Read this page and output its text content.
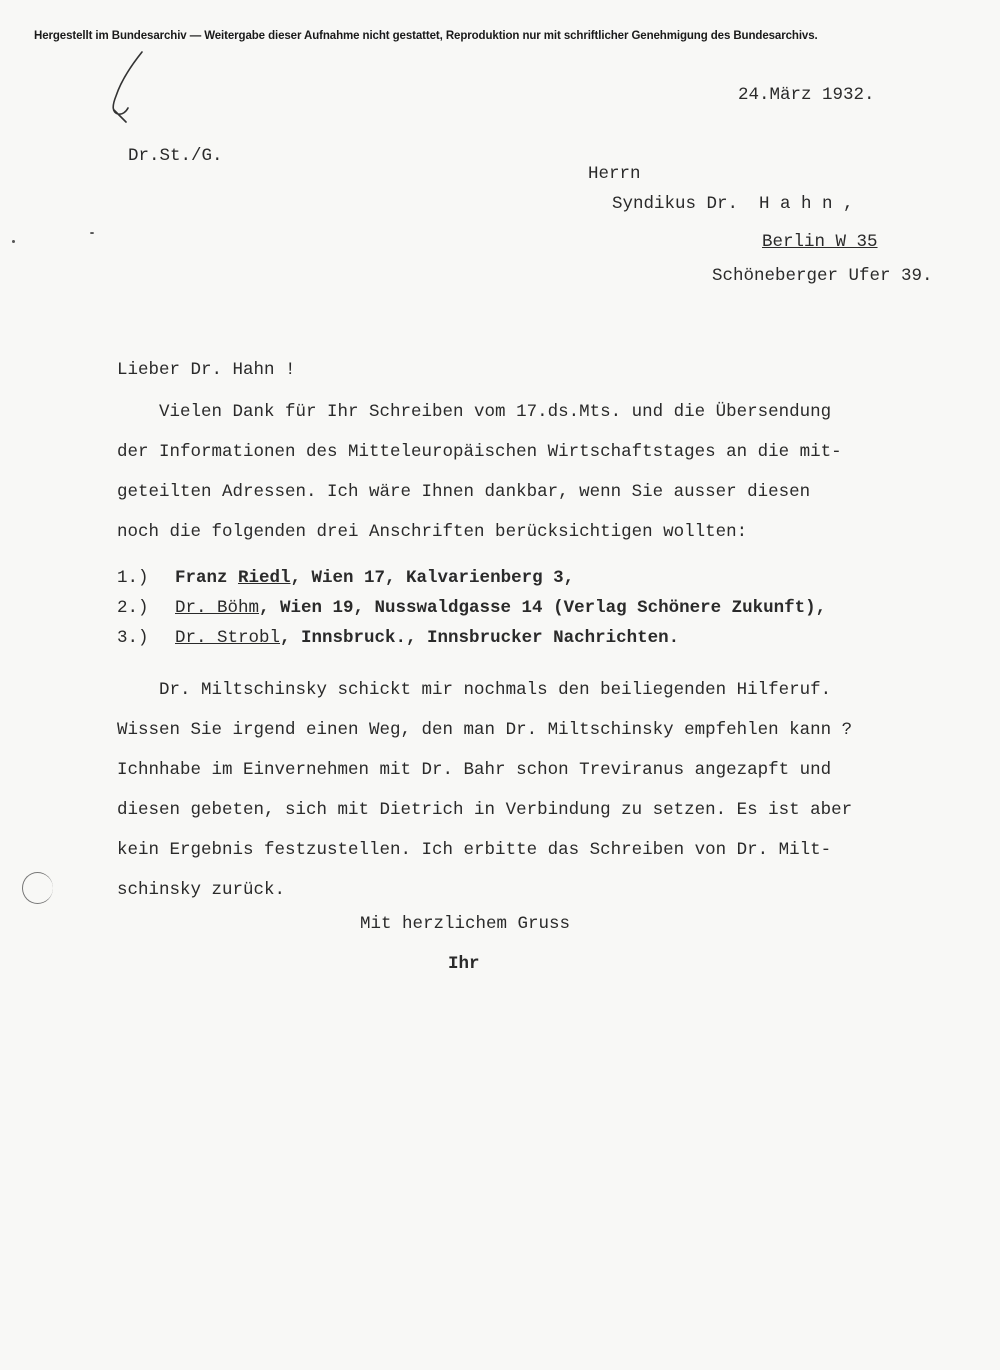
Hergestellt im Bundesarchiv — Weitergabe dieser Aufnahme nicht gestattet, Reproduktion nur mit schriftlicher Genehmigung des Bundesarchivs.
24.März 1932.
Dr.St./G.
Herrn
Syndikus Dr.  H a h n ,
Berlin W 35
Schöneberger Ufer 39.
Lieber Dr. Hahn !
Vielen Dank für Ihr Schreiben vom 17.ds.Mts. und die Übersendung
der Informationen des Mitteleuropäischen Wirtschaftstages an die mit-
geteilten Adressen. Ich wäre Ihnen dankbar, wenn Sie ausser diesen
noch die folgenden drei Anschriften berücksichtigen wollten:
1.) Franz Riedl, Wien 17, Kalvarienberg 3,
2.) Dr. Böhm, Wien 19, Nusswaldgasse 14 (Verlag Schönere Zukunft),
3.) Dr. Strobl, Innsbruck., Innsbrucker Nachrichten.
Dr. Miltschinsky schickt mir nochmals den beiliegenden Hilferuf.
Wissen Sie irgend einen Weg, den man Dr. Miltschinsky empfehlen kann ?
Ichnhabe im Einvernehmen mit Dr. Bahr schon Treviranus angezapft und
diesen gebeten, sich mit Dietrich in Verbindung zu setzen. Es ist aber
kein Ergebnis festzustellen. Ich erbitte das Schreiben von Dr. Milt-
schinsky zurück.
Mit herzlichem Gruss
Ihr
